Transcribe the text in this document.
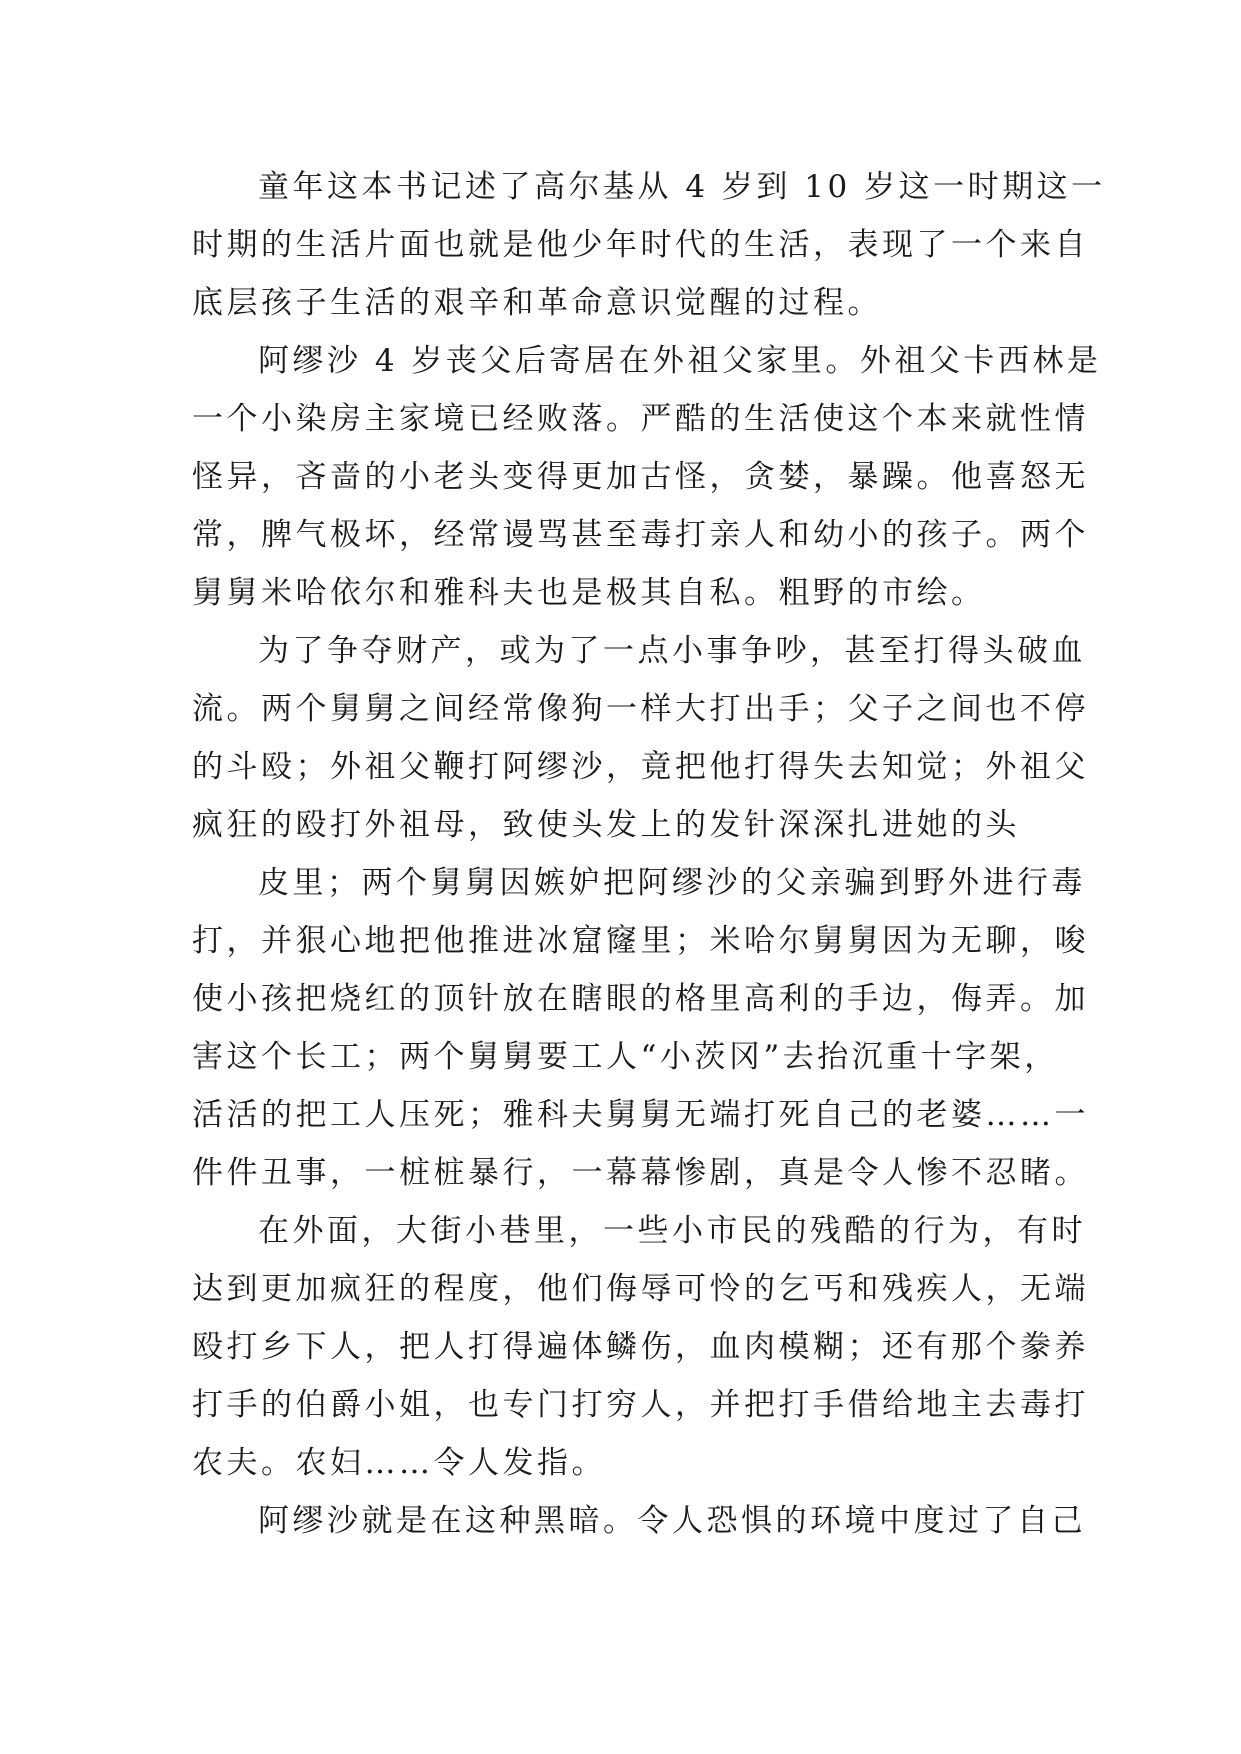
童年这本书记述了高尔基从 4 岁到 10 岁这一时期这一
时期的生活片面也就是他少年时代的生活，表现了一个来自
底层孩子生活的艰辛和革命意识觉醒的过程。
阿缪沙 4 岁丧父后寄居在外祖父家里。外祖父卡西林是
一个小染房主家境已经败落。严酷的生活使这个本来就性情
怪异，吝啬的小老头变得更加古怪，贪婪，暴躁。他喜怒无
常，脾气极坏，经常谩骂甚至毒打亲人和幼小的孩子。两个
舅舅米哈依尔和雅科夫也是极其自私。粗野的市绘。
为了争夺财产，或为了一点小事争吵，甚至打得头破血
流。两个舅舅之间经常像狗一样大打出手；父子之间也不停
的斗殴；外祖父鞭打阿缪沙，竟把他打得失去知觉；外祖父
疯狂的殴打外祖母，致使头发上的发针深深扎进她的头
皮里；两个舅舅因嫉妒把阿缪沙的父亲骗到野外进行毒
打，并狠心地把他推进冰窟窿里；米哈尔舅舅因为无聊，唆
使小孩把烧红的顶针放在瞎眼的格里高利的手边，侮弄。加
害这个长工；两个舅舅要工人“小茨冈”去抬沉重十字架，
活活的把工人压死；雅科夫舅舅无端打死自己的老婆……一
件件丑事，一桩桩暴行，一幕幕惨剧，真是令人惨不忍睹。
在外面，大街小巷里，一些小市民的残酷的行为，有时
达到更加疯狂的程度，他们侮辱可怜的乞丐和残疾人，无端
殴打乡下人，把人打得遍体鳞伤，血肉模糊；还有那个豢养
打手的伯爵小姐，也专门打穷人，并把打手借给地主去毒打
农夫。农妇……令人发指。
阿缪沙就是在这种黑暗。令人恐惧的环境中度过了自己
